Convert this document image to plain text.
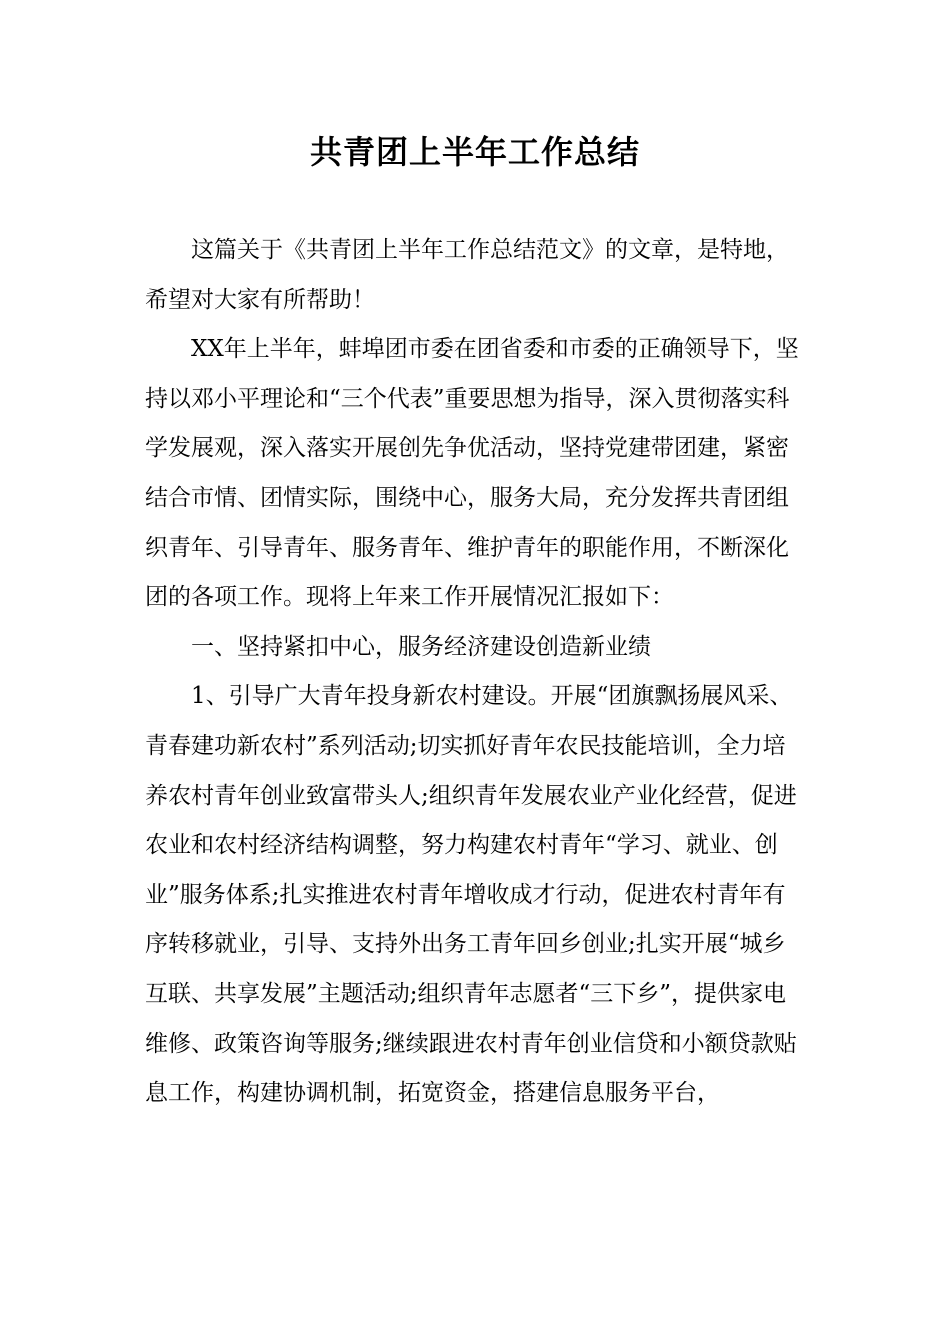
共青团上半年工作总结

这篇关于《共青团上半年工作总结范文》的文章，是特地，希望对大家有所帮助！

XX年上半年，蚌埠团市委在团省委和市委的正确领导下，坚持以邓小平理论和“三个代表”重要思想为指导，深入贯彻落实科学发展观，深入落实开展创先争优活动，坚持党建带团建，紧密结合市情、团情实际，围绕中心，服务大局，充分发挥共青团组织青年、引导青年、服务青年、维护青年的职能作用，不断深化团的各项工作。现将上年来工作开展情况汇报如下：

一、坚持紧扣中心，服务经济建设创造新业绩

1、引导广大青年投身新农村建设。开展“团旗飘扬展风采、青春建功新农村”系列活动;切实抓好青年农民技能培训，全力培养农村青年创业致富带头人;组织青年发展农业产业化经营，促进农业和农村经济结构调整，努力构建农村青年“学习、就业、创业”服务体系;扎实推进农村青年增收成才行动，促进农村青年有序转移就业，引导、支持外出务工青年回乡创业;扎实开展“城乡互联、共享发展”主题活动;组织青年志愿者“三下乡”，提供家电维修、政策咨询等服务;继续跟进农村青年创业信贷和小额贷款贴息工作，构建协调机制，拓宽资金，搭建信息服务平台，
